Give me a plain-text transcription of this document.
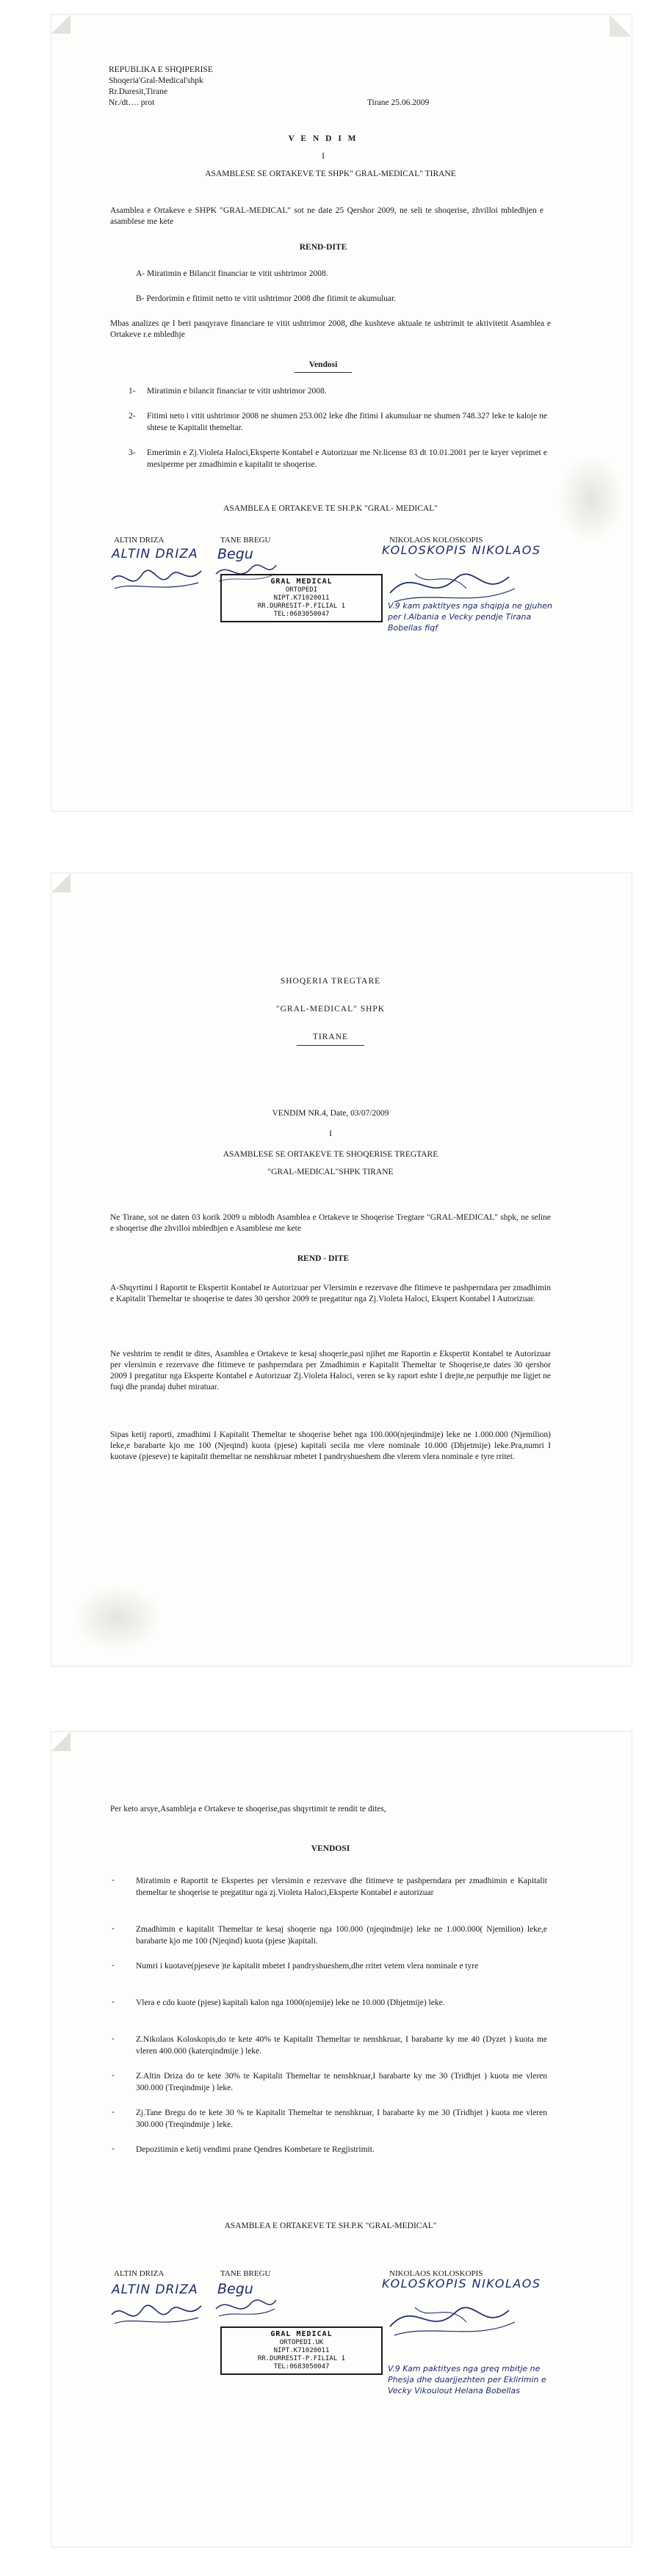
REPUBLIKA E SHQIPERISE
Shoqeria'Gral-Medical'shpk
Rr.Duresit,Tirane
Nr./dt…. prot	Tirane 25.06.2009
V E N D I M
I
ASAMBLESE SE ORTAKEVE TE SHPK" GRAL-MEDICAL" TIRANE
Asamblea e Ortakeve e SHPK "GRAL-MEDICAL" sot ne date 25 Qershor 2009, ne seli te shoqerise, zhvilloi mbledhjen e asamblese me kete
REND-DITE
A- Miratimin e Bilancit financiar te vitit ushtrimor 2008.
B- Perdorimin e fitimit netto te vitit ushtrimor 2008 dhe fitimit te akumuluar.
Mbas analizes qe I beri pasqyrave financiare te vitit ushtrimor 2008, dhe kushteve aktuale te ushtrimit te aktivitetit Asamblea e Ortakeve r.e mbledhje
Vendosi
1-	Miratimin e bilancit financiar te vitit ushtrimor 2008.
2-	Fitimi neto i vitit ushtrimor 2008 ne shumen 253.002 leke dhe fitimi I akumuluar ne shumen 748.327 leke te kaloje ne shtese te Kapitalit themeltar.
3-	Emerimin e Zj.Violeta Haloci,Eksperte Kontabel e Autorizuar me Nr.license 83 dt 10.01.2001 per te kryer veprimet e mesiperme per zmadhimin e kapitalit te shoqerise.
ASAMBLEA E ORTAKEVE TE SH.P.K "GRAL- MEDICAL"
ALTIN DRIZA	TANE BREGU	NIKOLAOS KOLOSKOPIS
ALTIN DRIZA Begu	KOLOSKOPIS NIKOLAOS
V.9 kam paktityes nga shqipja ne gjuhen per I.Albania e Vecky pendje Tirana Bobellas fiqf
GRAL MEDICAL
ORTOPEDI
NIPT.K71020011
RR.DURRESIT-P.FILIAL 1
TEL:0683050047
SHOQERIA TREGTARE
"GRAL-MEDICAL" SHPK
TIRANE
VENDIM NR.4, Date, 03/07/2009
I
ASAMBLESE SE ORTAKEVE TE SHOQERISE TREGTARE
"GRAL-MEDICAL"SHPK TIRANE
Ne Tirane, sot ne daten 03 korik 2009 u mblodh Asamblea e Ortakeve te Shoqerise Tregtare "GRAL-MEDICAL" shpk, ne seline e shoqerise dhe zhvilloi mbledhjen e Asamblese me kete
REND - DITE
A-Shqyrtimi I Raportit te Ekspertit Kontabel te Autorizuar per Vlersimin e rezervave dhe fitimeve te pashperndara per zmadhimin e Kapitalit Themeltar te shoqerise te dates 30 qershor 2009 te pregatitur nga Zj.Violeta Haloci, Ekspert Kontabel I Autorizuar.
Ne veshtrim te rendit te dites, Asamblea e Ortakeve te kesaj shoqerie,pasi njihet me Raportin e Ekspertit Kontabel te Autorizuar per vlersimin e rezervave dhe fitimeve te pashperndara per Zmadhimin e Kapitalit Themeltar te Shoqerise,te dates 30 qershor 2009 I pregatitur nga Eksperte Kontabel e Autorizuar Zj.Violeta Haloci, veren se ky raport eshte I drejte,ne perputhje me ligjet ne fuqi dhe prandaj duhet miratuar.
Sipas ketij raporti, zmadhimi I Kapitalit Themeltar te shoqerise behet nga 100.000(njeqindmije) leke ne 1.000.000 (Njemilion) leke,e barabarte kjo me 100 (Njeqind) kuota (pjese) kapitali secila me vlere nominale 10.000 (Dhjetmije) leke.Pra,numri I kuotave (pjeseve) te kapitalit themeltar ne nenshkruar mbetet I pandryshueshem dhe vlerem vlera nominale e tyre rritet.
Per keto arsye,Asambleja e Ortakeve te shoqerise,pas shqyrtimit te rendit te dites,
VENDOSI
-	Miratimin e Raportit te Ekspertes per vlersimin e rezervave dhe fitimeve te pashperndara per zmadhimin e Kapitalit themeltar te shoqerise te pregatitur nga zj.Violeta Haloci,Eksperte Kontabel e autorizuar
-	Zmadhimin e kapitalit Themeltar te kesaj shoqerie nga 100.000 (njeqindmije) leke ne 1.000.000( Njemilion) leke,e barabarte kjo me 100 (Njeqind) kuota (pjese )kapitali.
-	Numri i kuotave(pjeseve )te kapitalit mbetet I pandryshueshem,dhe rritet vetem vlera nominale e tyre
-	Vlera e cdo kuote (pjese) kapitali kalon nga 1000(njemije) leke ne 10.000 (Dhjetmije) leke.
-	Z.Nikolaos Koloskopis,do te kete 40% te Kapitalit Themeltar te nenshkruar, I barabarte ky me 40 (Dyzet ) kuota me vleren 400.000 (katerqindmije ) leke.
-	Z.Altin Driza do te kete 30% te Kapitalit Themeltar te nenshkruar,I barabarte ky me 30 (Tridhjet ) kuota me vleren 300.000 (Treqindmije ) leke.
-	Zj.Tane Bregu do te kete 30 % te Kapitalit Themeltar te nenshkruar, I barabarte ky me 30 (Tridhjet ) kuota me vleren 300.000 (Treqindmije ) leke.
-	Depozitimin e ketij vendimi prane Qendres Kombetare te Regjistrimit.
ASAMBLEA E ORTAKEVE TE SH.P.K "GRAL-MEDICAL"
ALTIN DRIZA	TANE BREGU	NIKOLAOS KOLOSKOPIS
ALTIN DRIZA Begu	KOLOSKOPIS NIKOLAOS
V.9 Kam paktityes nga greq mbitje ne Phesja dhe duarjjezhten per Eklirimin e Vecky Vikoulout Helana Bobellas
GRAL MEDICAL
ORTOPEDI.UK
NIPT.K71020011
RR.DURRESIT-P.FILIAL 1
TEL:0683050047
